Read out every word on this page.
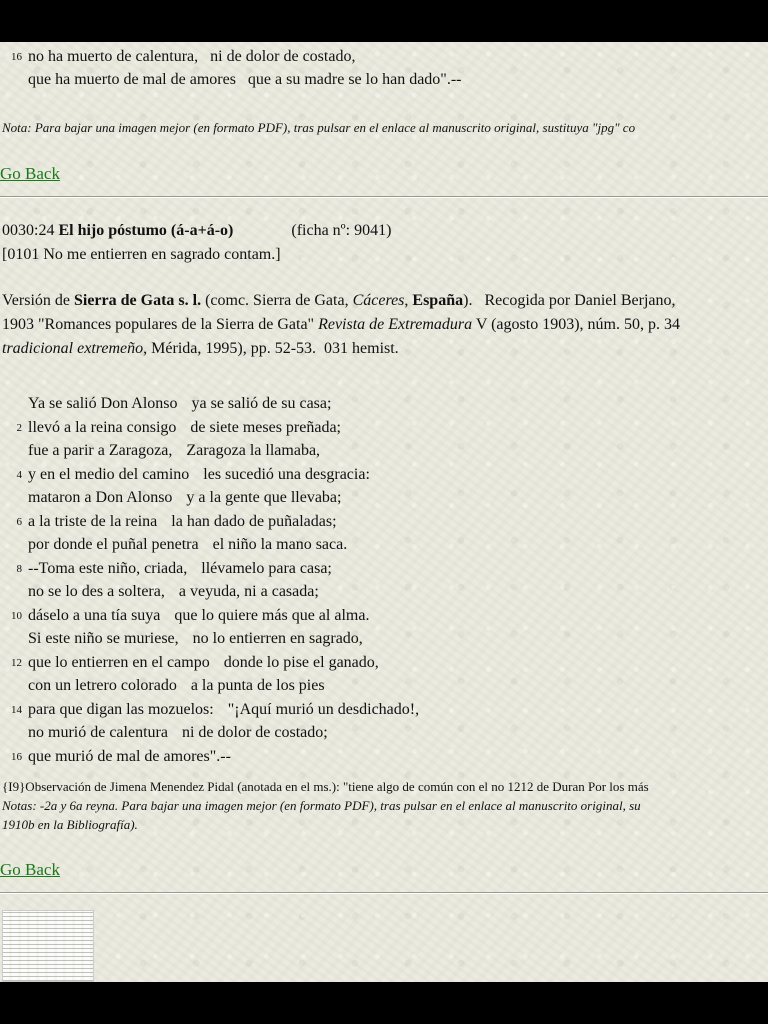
16 no ha muerto de calentura,   ni de dolor de costado,
que ha muerto de mal de amores   que a su madre se lo han dado".--
Nota: Para bajar una imagen mejor (en formato PDF), tras pulsar en el enlace al manuscrito original, sustituya "jpg" co
Go Back
0030:24 El hijo póstumo (á-a+á-o)	(ficha nº: 9041)
[0101 No me entierren en sagrado contam.]
Versión de Sierra de Gata s. l. (comc. Sierra de Gata, Cáceres, España).   Recogida por Daniel Berjano,
1903 "Romances populares de la Sierra de Gata" Revista de Extremadura V (agosto 1903), núm. 50, p. 34
tradicional extremeño, Mérida, 1995), pp. 52-53.  031 hemist.
Ya se salió Don Alonso ya se salió de su casa;
2 llevó a la reina consigo de siete meses preñada;
fue a parir a Zaragoza, Zaragoza la llamaba,
4 y en el medio del camino les sucedió una desgracia:
mataron a Don Alonso y a la gente que llevaba;
6 a la triste de la reina la han dado de puñaladas;
por donde el puñal penetra el niño la mano saca.
8 --Toma este niño, criada, llévamelo para casa;
no se lo des a soltera, a veyuda, ni a casada;
10 dáselo a una tía suya que lo quiere más que al alma.
Si este niño se muriese, no lo entierren en sagrado,
12 que lo entierren en el campo donde lo pise el ganado,
con un letrero colorado a la punta de los pies
14 para que digan las mozuelos: "¡Aquí murió un desdichado!,
no murió de calentura ni de dolor de costado;
16 que murió de mal de amores".--
{I9}Observación de Jimena Menendez Pidal (anotada en el ms.): "tiene algo de común con el no 1212 de Duran Por los más
Notas: -2a y 6a reyna. Para bajar una imagen mejor (en formato PDF), tras pulsar en el enlace al manuscrito original, su
1910b en la Bibliografía).
Go Back
